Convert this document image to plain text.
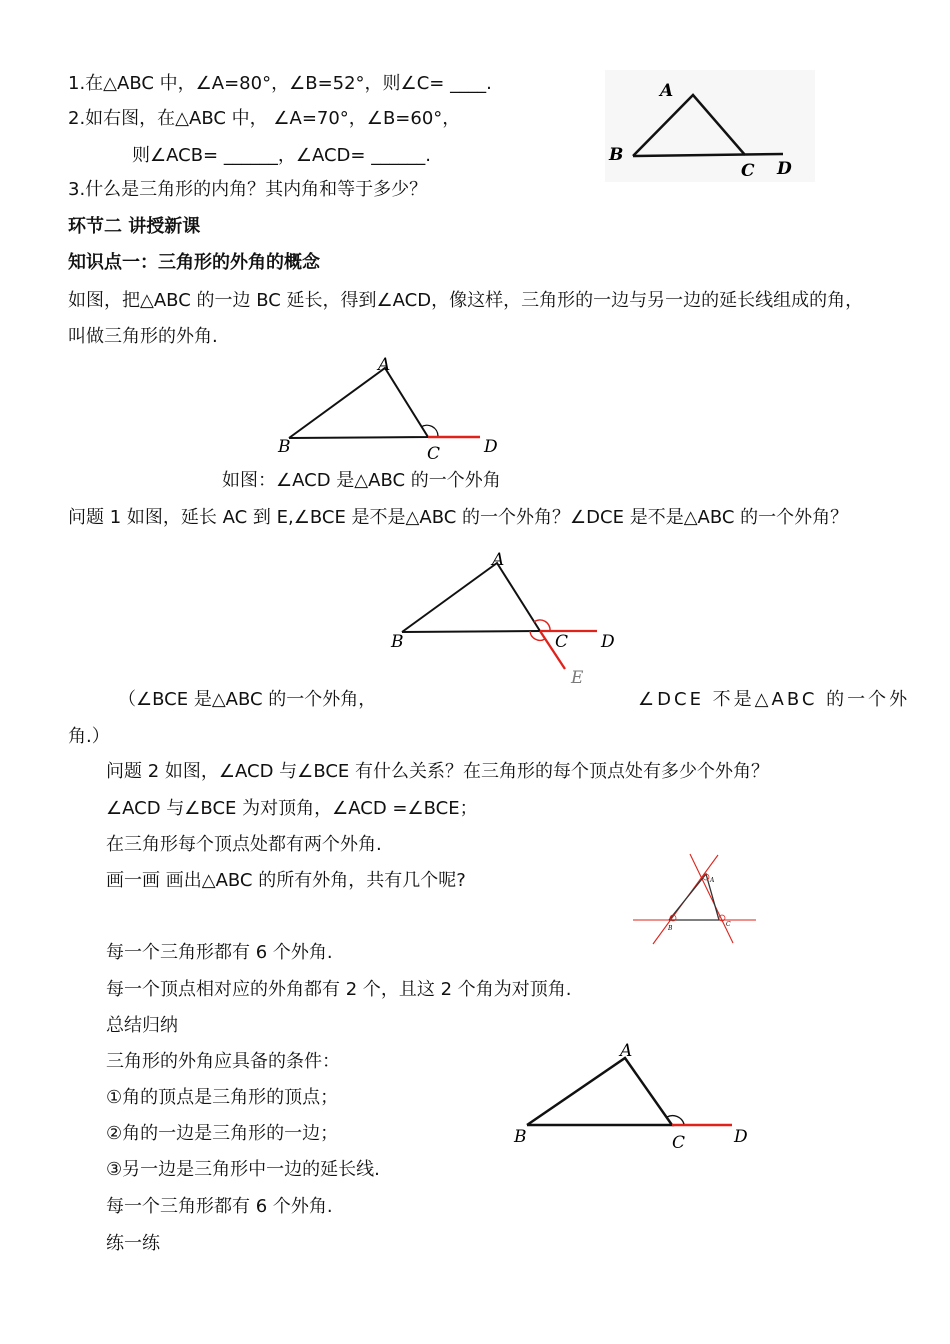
1.在△ABC 中，∠A=80°，∠B=52°，则∠C= ____.
2.如右图，在△ABC 中， ∠A=70°，∠B=60°，
则∠ACB= ______，∠ACD= ______.
3.什么是三角形的内角？其内角和等于多少？
A
B
C D
环节二 讲授新课
知识点一：三角形的外角的概念
如图，把△ABC 的一边 BC 延长，得到∠ACD，像这样，三角形的一边与另一边的延长线组成的角，
叫做三角形的外角.
A
B	C	D
如图：∠ACD 是△ABC 的一个外角
问题 1 如图，延长 AC 到 E,∠BCE 是不是△ABC 的一个外角？∠DCE 是不是△ABC 的一个外角？
A
B	C D
E
（∠BCE 是△ABC 的一个外角，	∠DCE 不是△ABC 的一个外
角.）
问题 2 如图，∠ACD 与∠BCE 有什么关系？在三角形的每个顶点处有多少个外角？
∠ACD 与∠BCE 为对顶角，∠ACD =∠BCE；
在三角形每个顶点处都有两个外角.
画一画 画出△ABC 的所有外角，共有几个呢?	A
B
C
每一个三角形都有 6 个外角.
每一个顶点相对应的外角都有 2 个，且这 2 个角为对顶角.
总结归纳
三角形的外角应具备的条件：
①角的顶点是三角形的顶点；
②角的一边是三角形的一边；
③另一边是三角形中一边的延长线.
每一个三角形都有 6 个外角.
练一练
A
B	C	D
